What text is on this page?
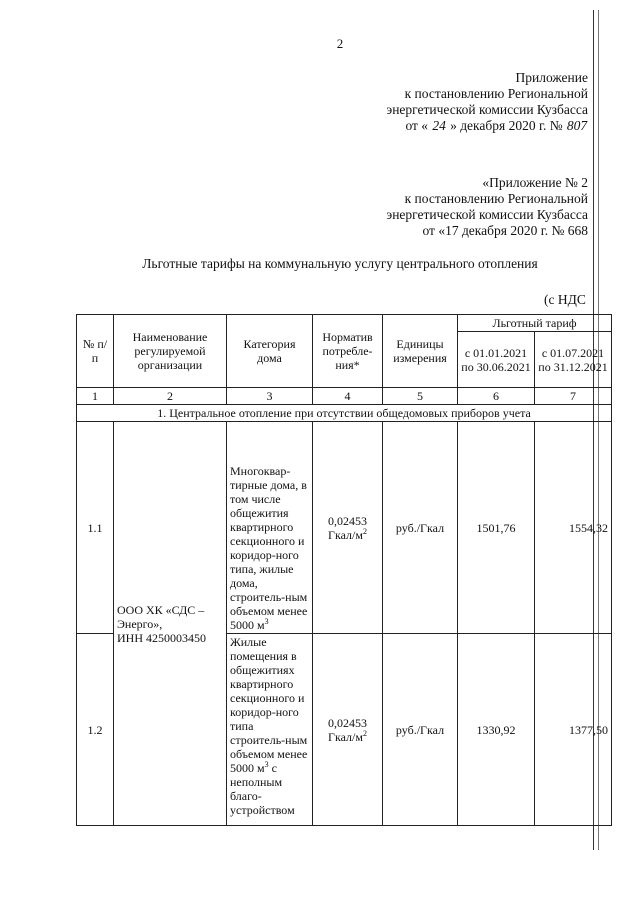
2
Приложение
к постановлению Региональной
энергетической комиссии Кузбасса
от « 24 » декабря 2020 г. № 807
«Приложение № 2
к постановлению Региональной
энергетической комиссии Кузбасса
от «17 декабря 2020 г. № 668
Льготные тарифы на коммунальную услугу центрального отопления
(с НДС
№ п/п	Наименование регулируемой организации	Категория дома	Норматив потребле-ния*	Единицы измерения	Льготный тариф	
					с 01.01.2021 по 30.06.2021	с 01.07.2021 по 31.12.2021
1	2	3	4	5	6	7
1. Центральное отопление при отсутствии общедомовых приборов учета						
1.1	ООО ХК «СДС – Энерго»,
ИНН 4250003450	Многоквар-тирные дома, в том числе общежития квартирного секционного и коридор-ного типа, жилые дома, строитель-ным объемом менее 5000 $м^3$	0,02453 Гкал/$м^2$	руб./Гкал	1501,76	1554,32
1.2		Жилые помещения в общежитиях квартирного секционного и коридор-ного типа строитель-ным объемом менее 5000 $м^3$ с неполным благо-устройством	0,02453 Гкал/$м^2$	руб./Гкал	1330,92	1377,50
